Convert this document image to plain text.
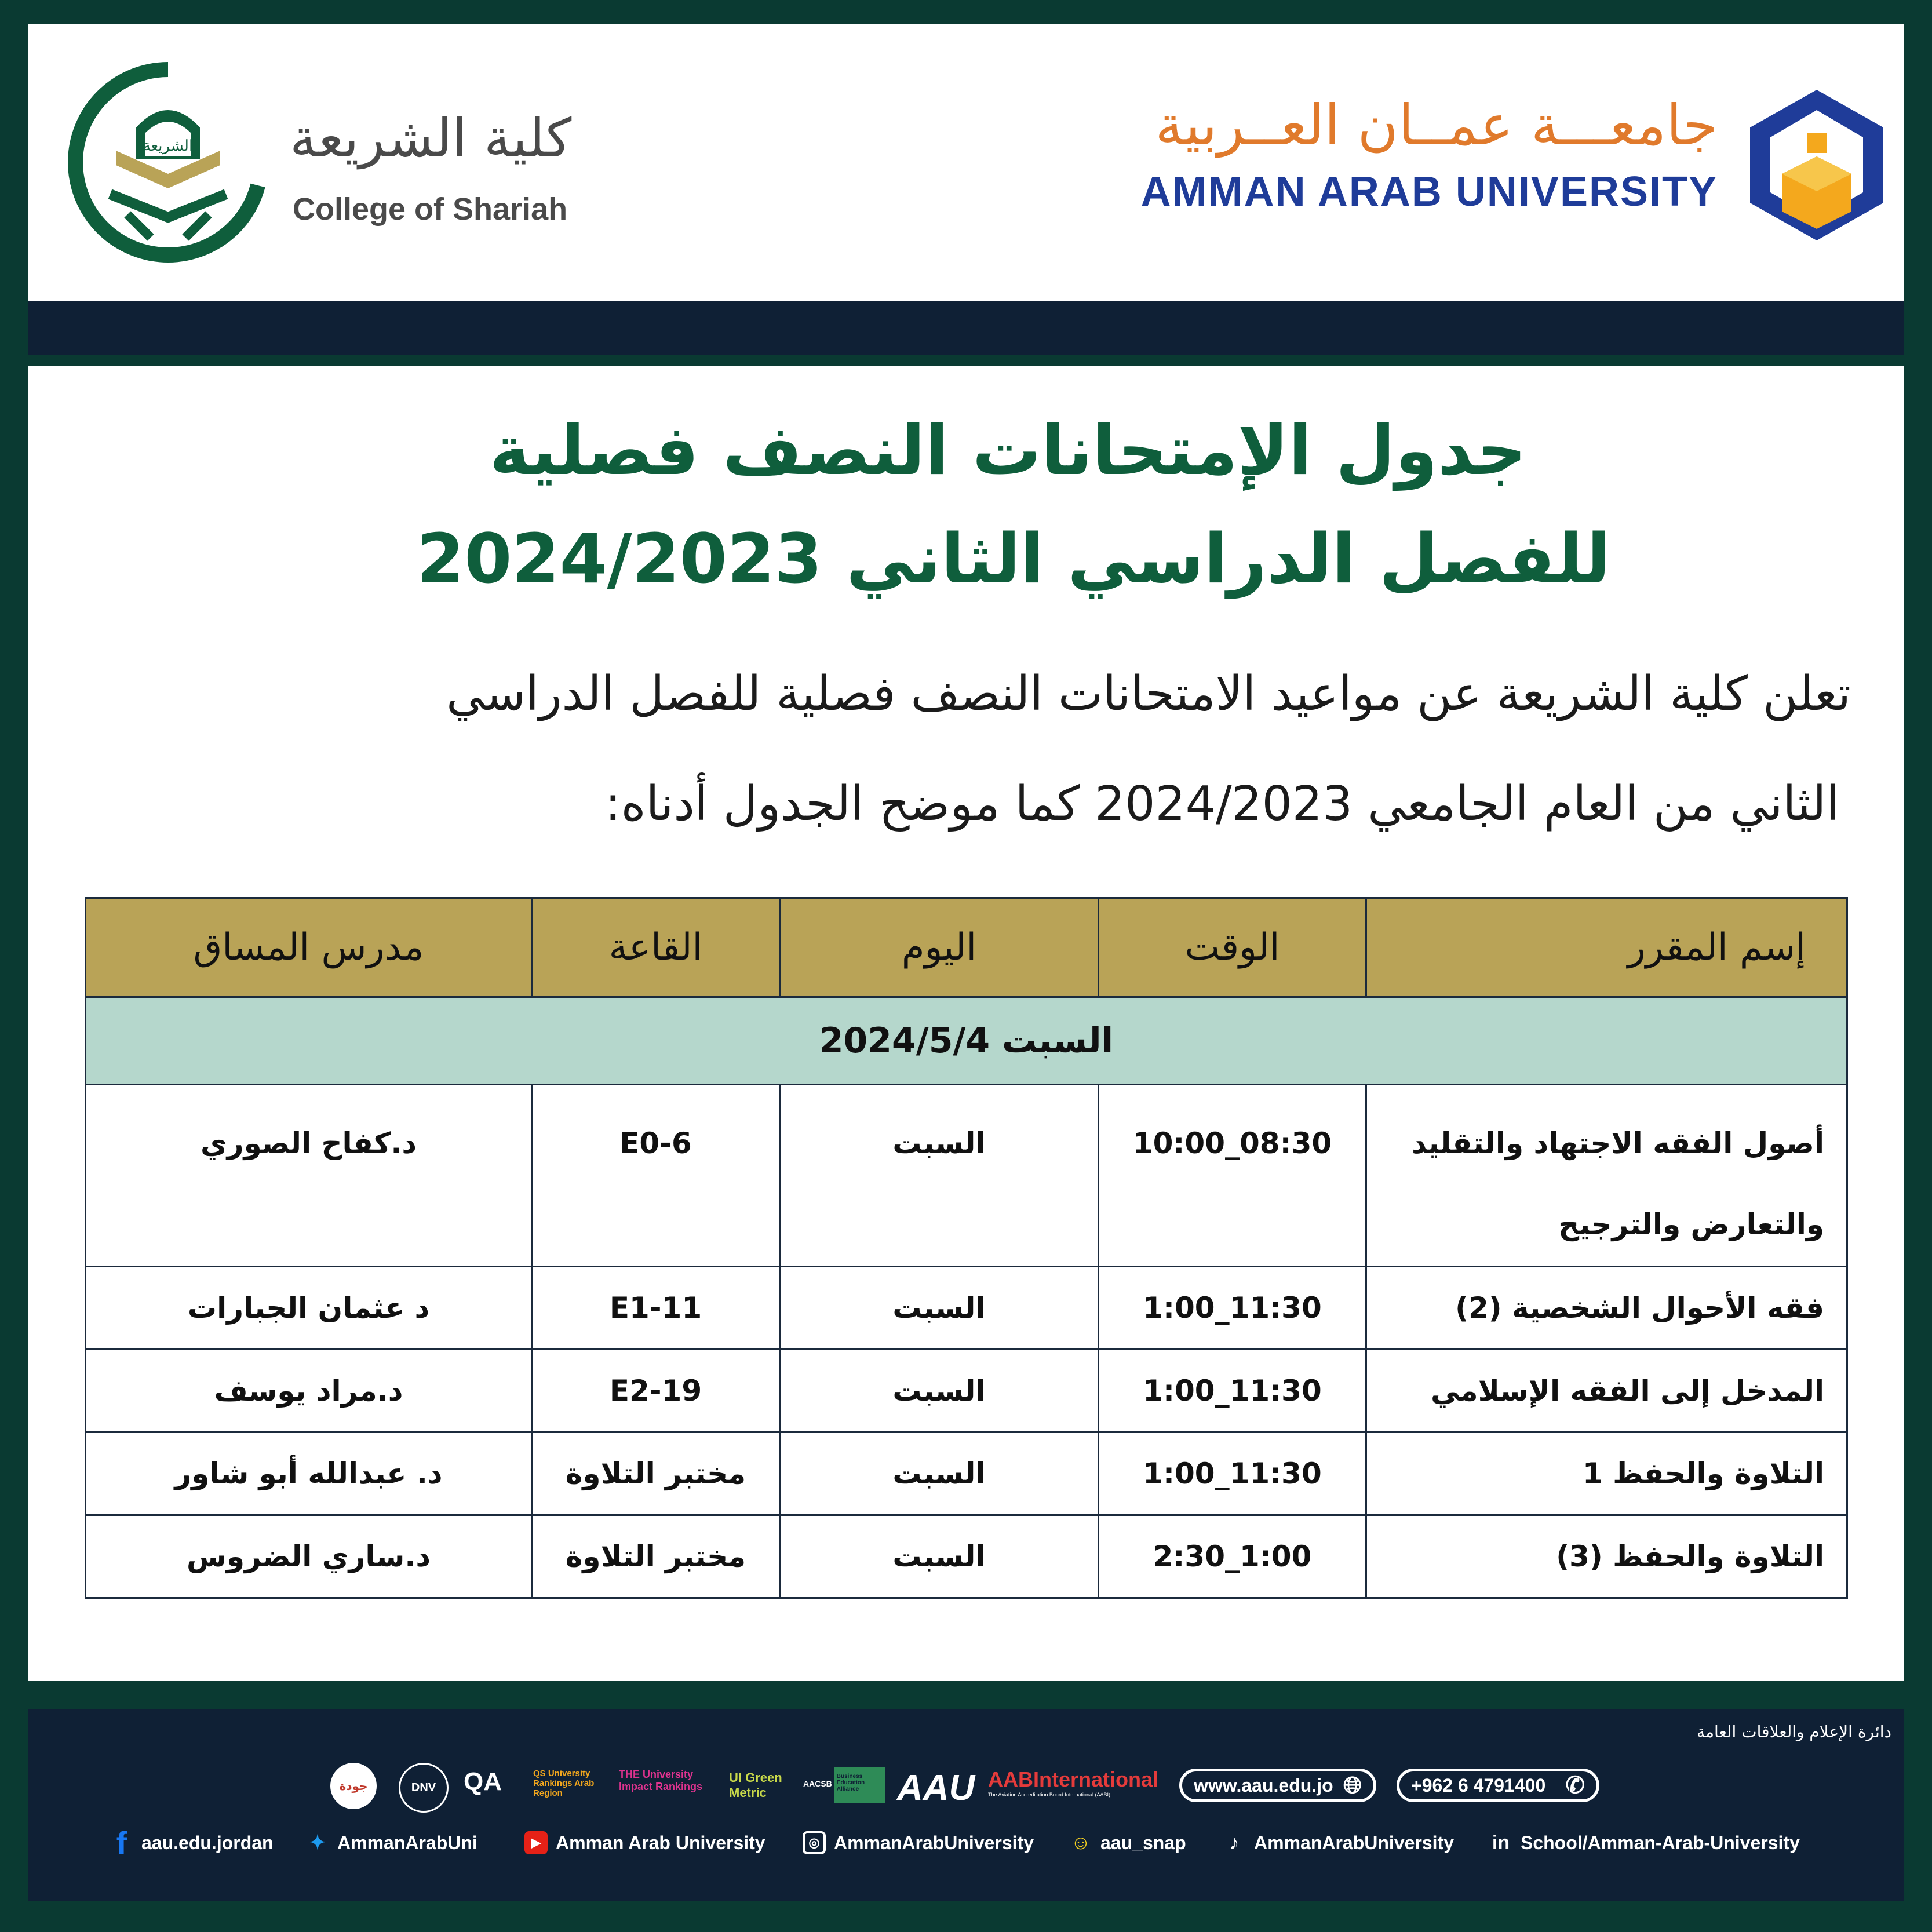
الشريعة كلية الشريعة
College of Shariah
جامعـــة عمــان العــربية
AMMAN ARAB UNIVERSITY
جدول الإمتحانات النصف فصلية
للفصل الدراسي الثاني 2024/2023
تعلن كلية الشريعة عن مواعيد الامتحانات النصف فصلية للفصل الدراسي
الثاني من العام الجامعي 2024/2023 كما موضح الجدول أدناه:
إسم المقرر	الوقت	اليوم	القاعة	مدرس المساق
السبت 2024/5/4				

أصول الفقه الاجتهاد والتقليد
والتعارض والترجيح	08:30_10:00	السبت	E0-6	د.كفاح الصوري
فقه الأحوال الشخصية (2)	11:30_1:00	السبت	E1-11	د عثمان الجبارات
المدخل إلى الفقه الإسلامي	11:30_1:00	السبت	E2-19	د.مراد يوسف
التلاوة والحفظ 1	11:30_1:00	السبت	مختبر التلاوة	د. عبدالله أبو شاور
التلاوة والحفظ (3)	1:00_2:30	السبت	مختبر التلاوة	د.ساري الضروس
دائرة الإعلام والعلاقات العامة
+962 6 4791400 ✆
www.aau.edu.jo 🌐︎
AABInternational
The Aviation Accreditation Board International (AABI)
AAU
AACSB
Business Education Alliance
UI Green Metric
THE University Impact Rankings
QS University Rankings Arab Region
QA
DNV
جودة
in School/Amman-Arab-University
♪ AmmanArabUniversity
☺ aau_snap
◎ AmmanArabUniversity
▶ Amman Arab University
✦ AmmanArabUni
f aau.edu.jordan
